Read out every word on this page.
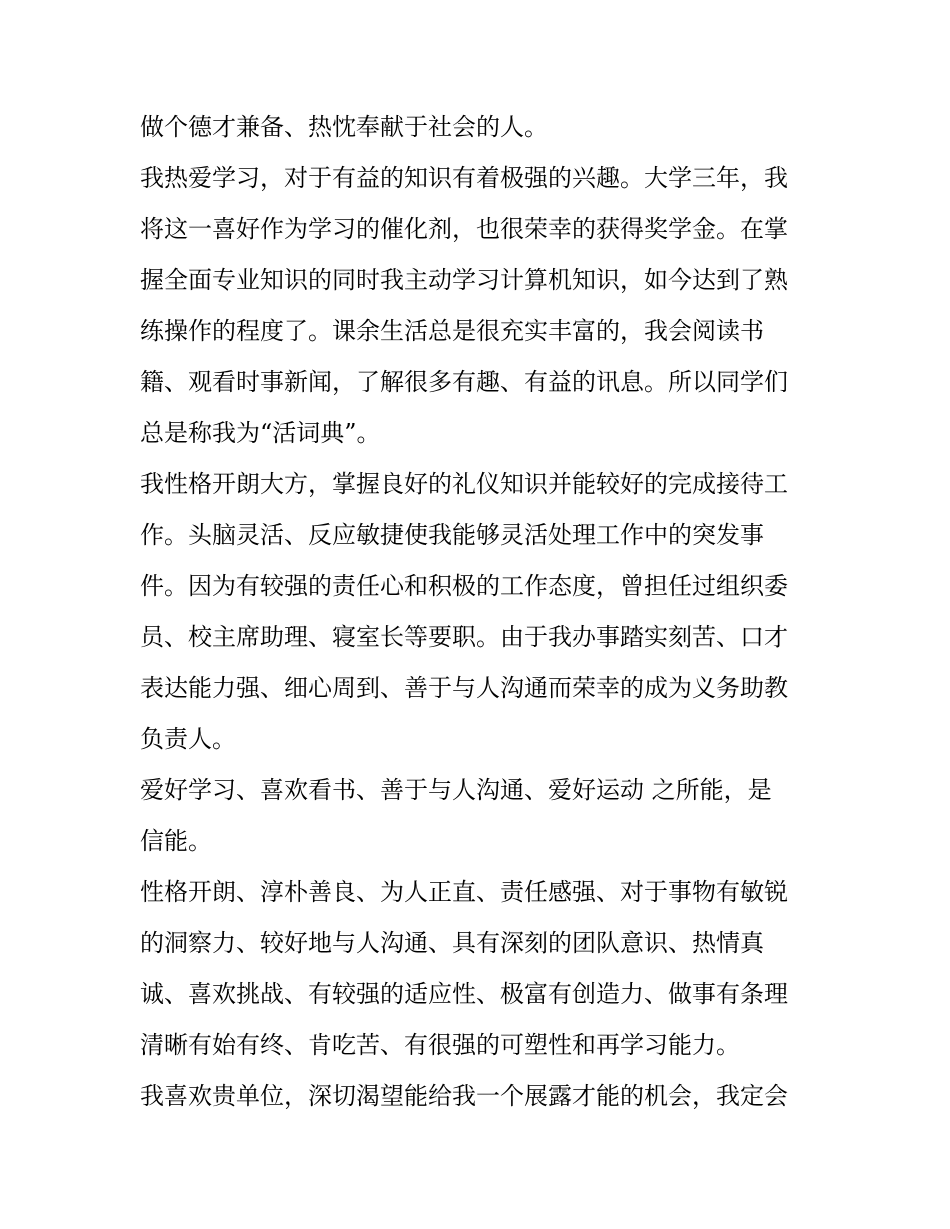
做个德才兼备、热忱奉献于社会的人。
我热爱学习，对于有益的知识有着极强的兴趣。大学三年，我
将这一喜好作为学习的催化剂，也很荣幸的获得奖学金。在掌
握全面专业知识的同时我主动学习计算机知识，如今达到了熟
练操作的程度了。课余生活总是很充实丰富的，我会阅读书
籍、观看时事新闻，了解很多有趣、有益的讯息。所以同学们
总是称我为“活词典”。
我性格开朗大方，掌握良好的礼仪知识并能较好的完成接待工
作。头脑灵活、反应敏捷使我能够灵活处理工作中的突发事
件。因为有较强的责任心和积极的工作态度，曾担任过组织委
员、校主席助理、寝室长等要职。由于我办事踏实刻苦、口才
表达能力强、细心周到、善于与人沟通而荣幸的成为义务助教
负责人。
爱好学习、喜欢看书、善于与人沟通、爱好运动 之所能，是
信能。
性格开朗、淳朴善良、为人正直、责任感强、对于事物有敏锐
的洞察力、较好地与人沟通、具有深刻的团队意识、热情真
诚、喜欢挑战、有较强的适应性、极富有创造力、做事有条理
清晰有始有终、肯吃苦、有很强的可塑性和再学习能力。
我喜欢贵单位，深切渴望能给我一个展露才能的机会，我定会
